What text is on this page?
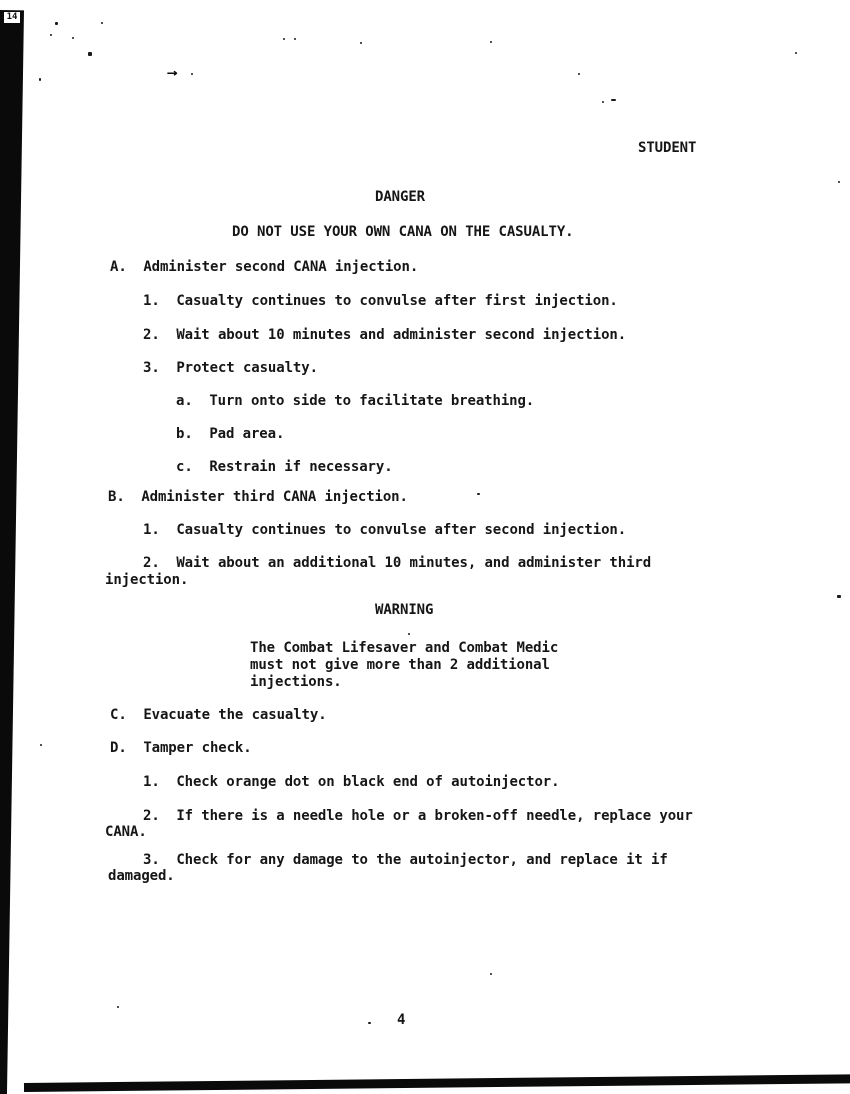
14
→
STUDENT
DANGER
DO NOT USE YOUR OWN CANA ON THE CASUALTY.
A.  Administer second CANA injection.
1.  Casualty continues to convulse after first injection.
2.  Wait about 10 minutes and administer second injection.
3.  Protect casualty.
a.  Turn onto side to facilitate breathing.
b.  Pad area.
c.  Restrain if necessary.
B.  Administer third CANA injection.
1.  Casualty continues to convulse after second injection.
2.  Wait about an additional 10 minutes, and administer third
injection.
WARNING
The Combat Lifesaver and Combat Medic
must not give more than 2 additional
injections.
C.  Evacuate the casualty.
D.  Tamper check.
1.  Check orange dot on black end of autoinjector.
2.  If there is a needle hole or a broken-off needle, replace your
CANA.
3.  Check for any damage to the autoinjector, and replace it if
damaged.
4
